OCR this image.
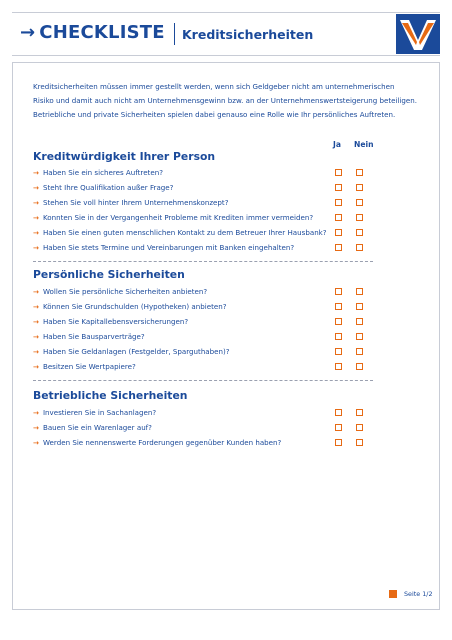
→ CHECKLISTE Kreditsicherheiten

Kreditsicherheiten müssen immer gestellt werden, wenn sich Geldgeber nicht am unternehmerischen
Risiko und damit auch nicht am Unternehmensgewinn bzw. an der Unternehmenswertsteigerung beteiligen.
Betriebliche und private Sicherheiten spielen dabei genauso eine Rolle wie Ihr persönliches Auftreten.

Ja Nein
Kreditwürdigkeit Ihrer Person
→ Haben Sie ein sicheres Auftreten?
→ Steht Ihre Qualifikation außer Frage?
→ Stehen Sie voll hinter Ihrem Unternehmenskonzept?
→ Konnten Sie in der Vergangenheit Probleme mit Krediten immer vermeiden?
→ Haben Sie einen guten menschlichen Kontakt zu dem Betreuer Ihrer Hausbank?
→ Haben Sie stets Termine und Vereinbarungen mit Banken eingehalten?
Persönliche Sicherheiten
→ Wollen Sie persönliche Sicherheiten anbieten?
→ Können Sie Grundschulden (Hypotheken) anbieten?
→ Haben Sie Kapitallebensversicherungen?
→ Haben Sie Bausparverträge?
→ Haben Sie Geldanlagen (Festgelder, Sparguthaben)?
→ Besitzen Sie Wertpapiere?
Betriebliche Sicherheiten
→ Investieren Sie in Sachanlagen?
→ Bauen Sie ein Warenlager auf?
→ Werden Sie nennenswerte Forderungen gegenüber Kunden haben?
Seite 1/2
